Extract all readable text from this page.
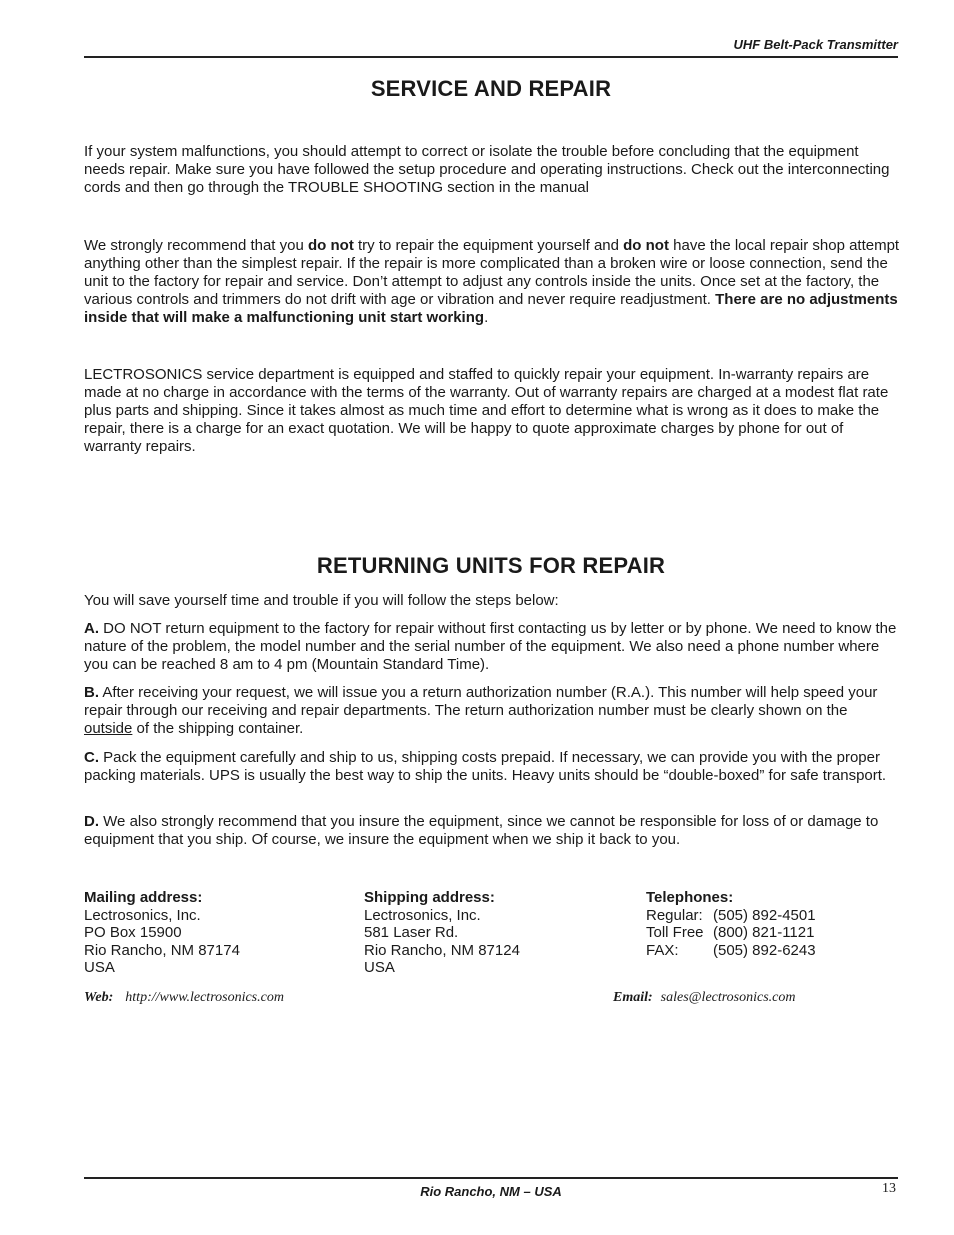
UHF Belt-Pack Transmitter
SERVICE AND REPAIR

If your system malfunctions, you should attempt to correct or isolate the trouble before concluding that the equipment needs repair. Make sure you have followed the setup procedure and operating instructions. Check out the interconnecting cords and then go through the TROUBLE SHOOTING section in the manual

We strongly recommend that you do not try to repair the equipment yourself and do not have the local repair shop attempt anything other than the simplest repair. If the repair is more complicated than a broken wire or loose connection, send the unit to the factory for repair and service. Don’t attempt to adjust any controls inside the units. Once set at the factory, the various controls and trimmers do not drift with age or vibration and never require readjustment. There are no adjustments inside that will make a malfunctioning unit start working.

LECTROSONICS service department is equipped and staffed to quickly repair your equipment. In-warranty repairs are made at no charge in accordance with the terms of the warranty. Out of warranty repairs are charged at a modest flat rate plus parts and shipping. Since it takes almost as much time and effort to determine what is wrong as it does to make the repair, there is a charge for an exact quotation. We will be happy to quote approximate charges by phone for out of warranty repairs.

RETURNING UNITS FOR REPAIR

You will save yourself time and trouble if you will follow the steps below:

A. DO NOT return equipment to the factory for repair without first contacting us by letter or by phone. We need to know the nature of the problem, the model number and the serial number of the equipment. We also need a phone number where you can be reached 8 am to 4 pm (Mountain Standard Time).

B. After receiving your request, we will issue you a return authorization number (R.A.). This number will help speed your repair through our receiving and repair departments. The return authorization number must be clearly shown on the outside of the shipping container.

C. Pack the equipment carefully and ship to us, shipping costs prepaid. If necessary, we can provide you with the proper packing materials. UPS is usually the best way to ship the units. Heavy units should be “double-boxed” for safe transport.

D. We also strongly recommend that you insure the equipment, since we cannot be responsible for loss of or damage to equipment that you ship. Of course, we insure the equipment when we ship it back to you.

Mailing address:
Lectrosonics, Inc.
PO Box 15900
Rio Rancho, NM 87174
USA
Shipping address:
Lectrosonics, Inc.
581 Laser Rd.
Rio Rancho, NM 87124
USA
Telephones:
Regular: (505) 892-4501
Toll Free (800) 821-1121
FAX:	(505) 892-6243
Web: http://www.lectrosonics.com	Email: sales@lectrosonics.com
Rio Rancho, NM – USA	13
